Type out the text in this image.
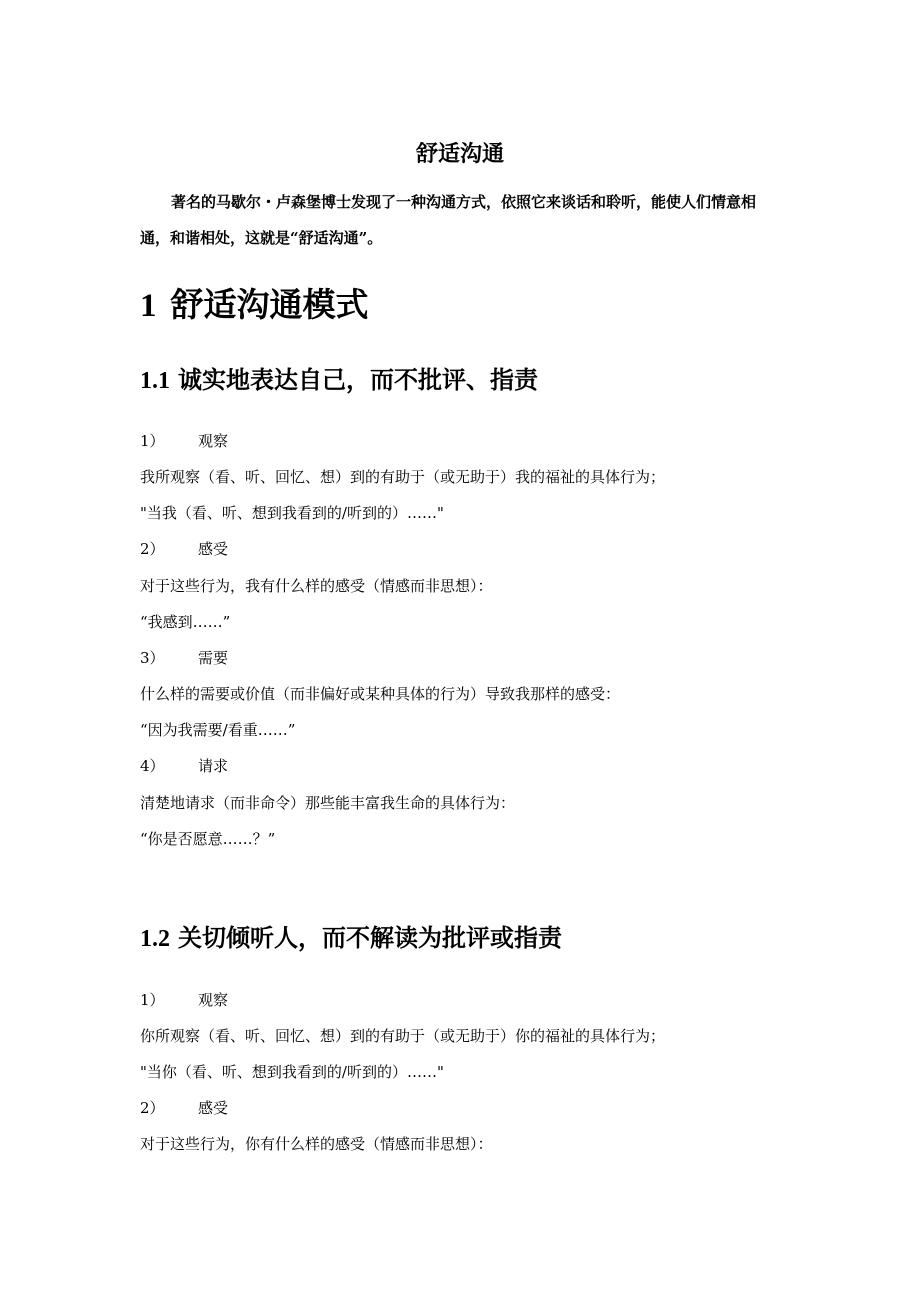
舒适沟通
著名的马歇尔・卢森堡博士发现了一种沟通方式，依照它来谈话和聆听，能使人们情意相通，和谐相处，这就是“舒适沟通”。
1 舒适沟通模式
1.1 诚实地表达自己，而不批评、指责
1） 观察
我所观察（看、听、回忆、想）到的有助于（或无助于）我的福祉的具体行为；
"当我（看、听、想到我看到的/听到的）……"
2） 感受
对于这些行为，我有什么样的感受（情感而非思想）：
“我感到……”
3） 需要
什么样的需要或价值（而非偏好或某种具体的行为）导致我那样的感受：
“因为我需要/看重……”
4） 请求
清楚地请求（而非命令）那些能丰富我生命的具体行为：
“你是否愿意……？”
1.2 关切倾听人，而不解读为批评或指责
1） 观察
你所观察（看、听、回忆、想）到的有助于（或无助于）你的福祉的具体行为；
"当你（看、听、想到我看到的/听到的）……"
2） 感受
对于这些行为，你有什么样的感受（情感而非思想）：
